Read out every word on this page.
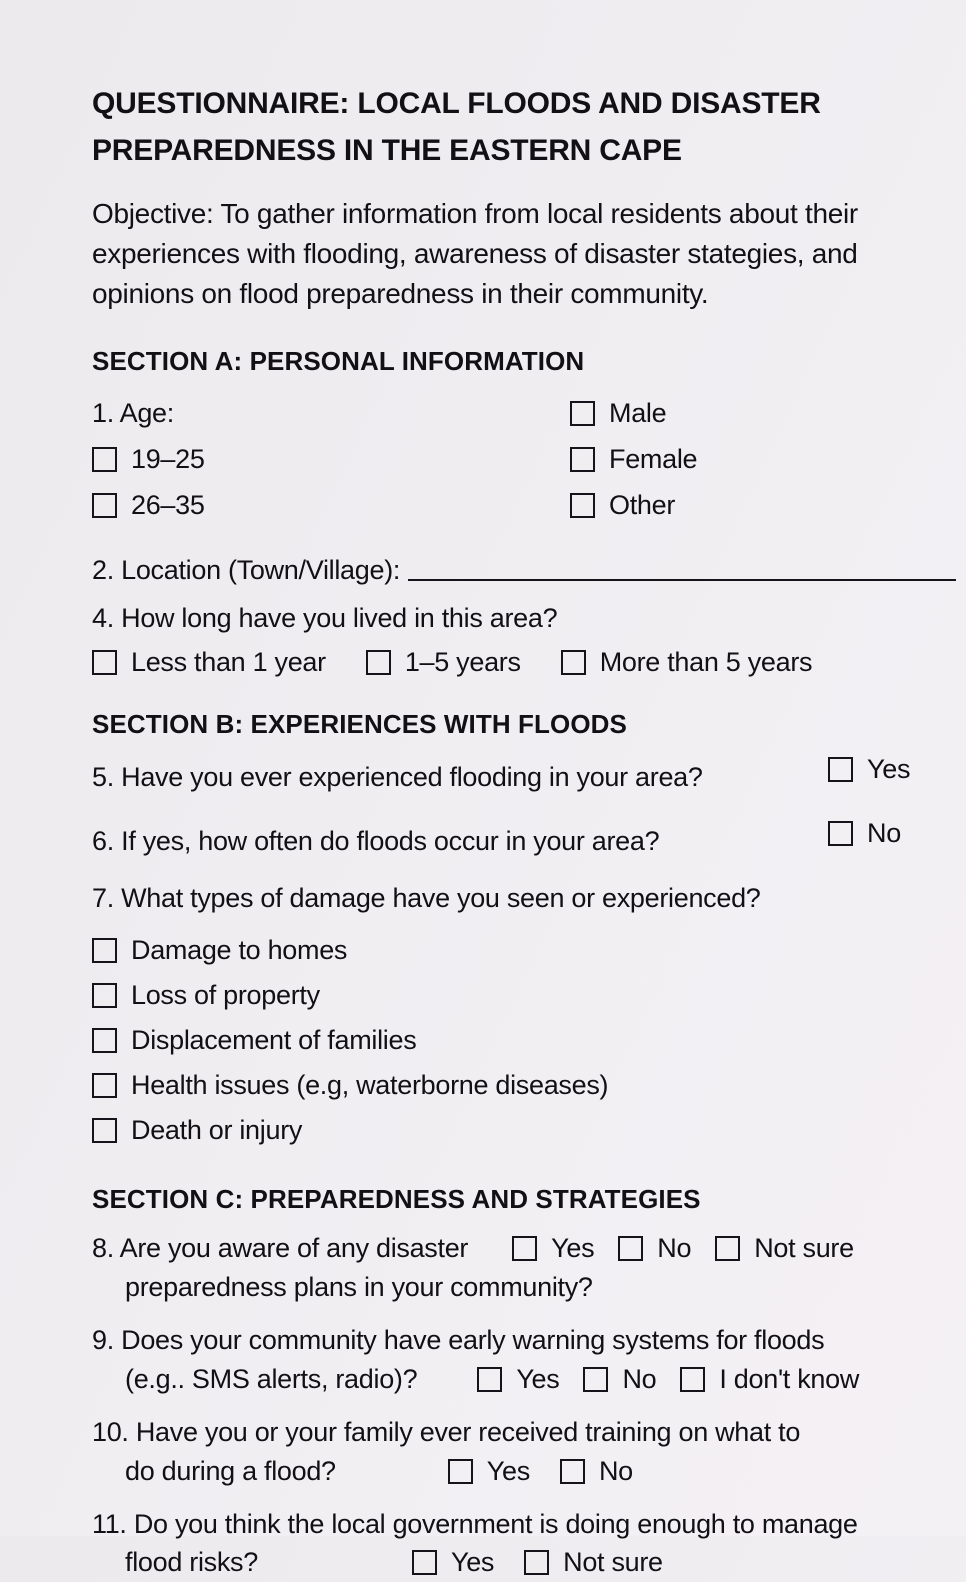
QUESTIONNAIRE: LOCAL FLOODS AND DISASTER PREPAREDNESS IN THE EASTERN CAPE

Objective: To gather information from local residents about their experiences with flooding, awareness of disaster stategies, and opinions on flood preparedness in their community.

SECTION A: PERSONAL INFORMATION
1. Age:
19–25
26–35
Male
Female
Other
2. Location (Town/Village):
4. How long have you lived in this area?
Less than 1 year	1–5 years	More than 5 years
SECTION B: EXPERIENCES WITH FLOODS
5. Have you ever experienced flooding in your area?	Yes
6. If yes, how often do floods occur in your area?	No
7. What types of damage have you seen or experienced?
Damage to homes
Loss of property
Displacement of families
Health issues (e.g, waterborne diseases)
Death or injury
SECTION C: PREPAREDNESS AND STRATEGIES
8. Are you aware of any disaster	Yes No Not sure
preparedness plans in your community?
9. Does your community have early warning systems for floods
(e.g.. SMS alerts, radio)?	Yes No I don't know
10. Have you or your family ever received training on what to
do during a flood?	Yes	No
11. Do you think the local government is doing enough to manage
flood risks?	Yes	Not sure
